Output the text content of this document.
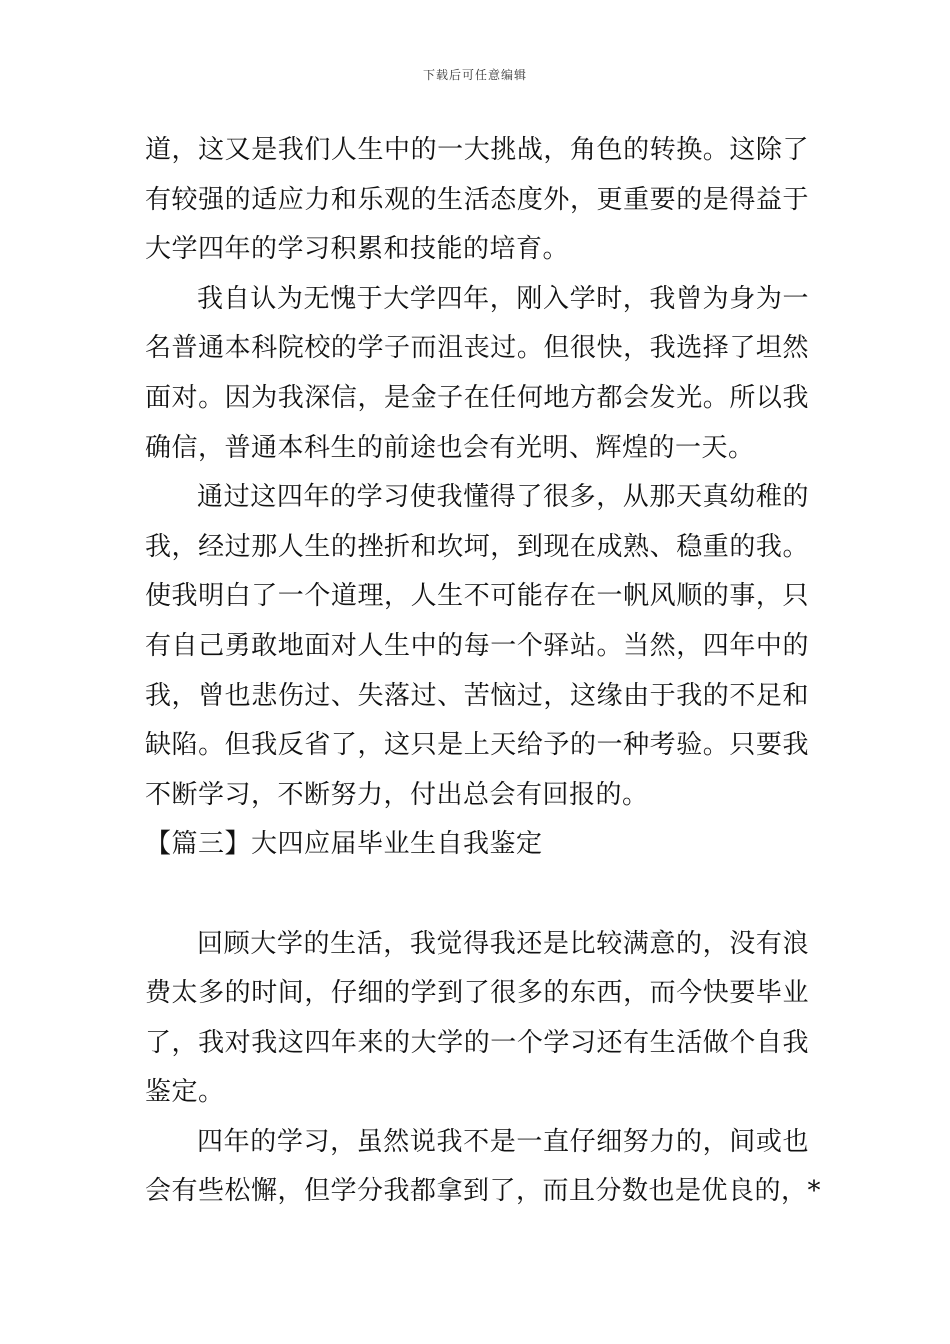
下载后可任意编辑
道，这又是我们人生中的一大挑战，角色的转换。这除了
有较强的适应力和乐观的生活态度外，更重要的是得益于
大学四年的学习积累和技能的培育。
我自认为无愧于大学四年，刚入学时，我曾为身为一
名普通本科院校的学子而沮丧过。但很快，我选择了坦然
面对。因为我深信，是金子在任何地方都会发光。所以我
确信，普通本科生的前途也会有光明、辉煌的一天。
通过这四年的学习使我懂得了很多，从那天真幼稚的
我，经过那人生的挫折和坎坷，到现在成熟、稳重的我。
使我明白了一个道理，人生不可能存在一帆风顺的事，只
有自己勇敢地面对人生中的每一个驿站。当然，四年中的
我，曾也悲伤过、失落过、苦恼过，这缘由于我的不足和
缺陷。但我反省了，这只是上天给予的一种考验。只要我
不断学习，不断努力，付出总会有回报的。
【篇三】大四应届毕业生自我鉴定
回顾大学的生活，我觉得我还是比较满意的，没有浪
费太多的时间，仔细的学到了很多的东西，而今快要毕业
了，我对我这四年来的大学的一个学习还有生活做个自我
鉴定。
四年的学习，虽然说我不是一直仔细努力的，间或也
会有些松懈，但学分我都拿到了，而且分数也是优良的，*
